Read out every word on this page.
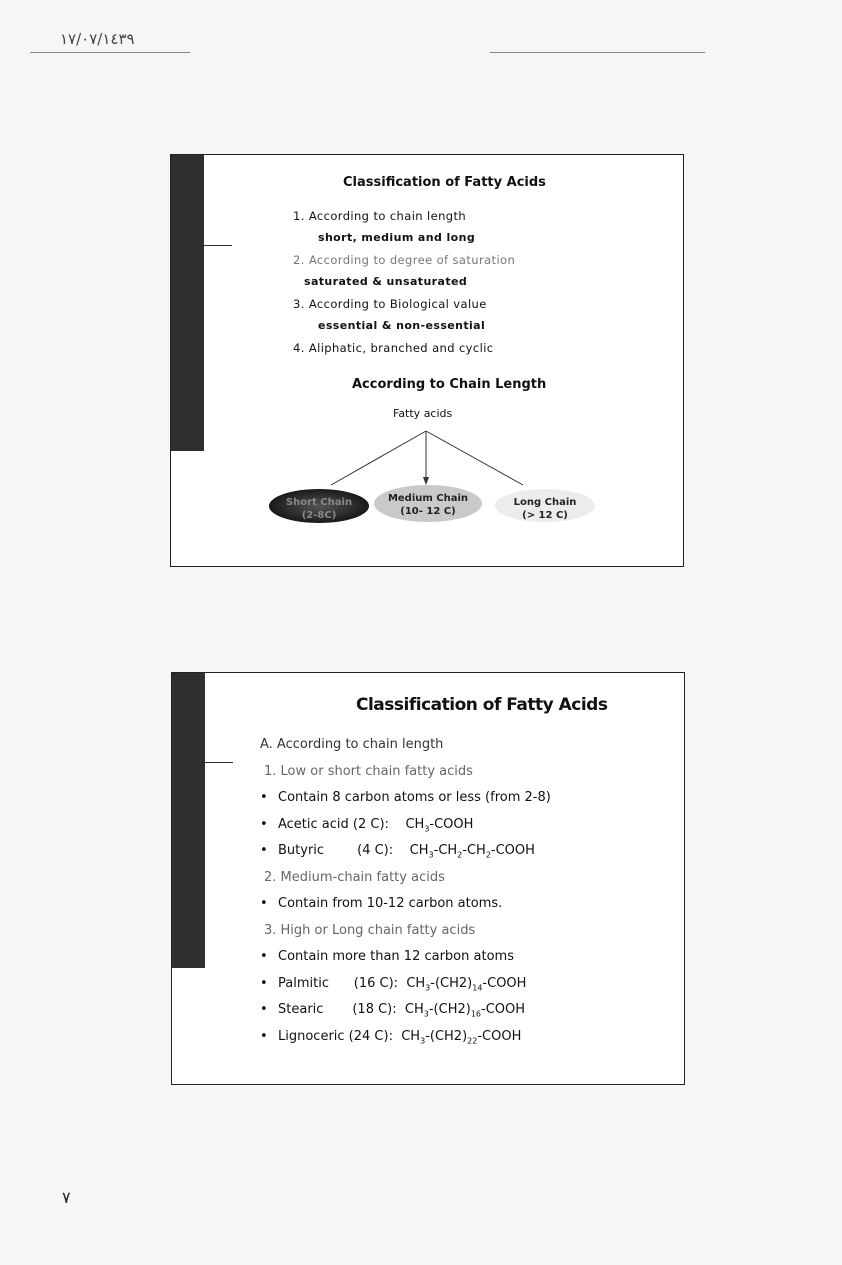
١٧/٠٧/١٤٣٩
Classification of Fatty Acids
1. According to chain length
short, medium and long
2. According to degree of saturation
saturated & unsaturated
3. According to Biological value
essential & non-essential
4. Aliphatic, branched and cyclic
According to Chain Length
Fatty acids
Short Chain
(2-8C)
Medium Chain
(10- 12 C)
Long Chain
(> 12 C)
Classification of Fatty Acids
A. According to chain length
1. Low or short chain fatty acids
• Contain 8 carbon atoms or less (from 2-8)
• Acetic acid (2 C): $CH_3$-COOH
• Butyric	(4 C): $CH_3-CH_2-CH_2$-COOH
2. Medium-chain fatty acids
• Contain from 10-12 carbon atoms.
3. High or Long chain fatty acids
• Contain more than 12 carbon atoms
• Palmitic (16 C): $CH_3-(CH2)_{14}$-COOH
• Stearic (18 C): $CH_3-(CH2)_{16}$-COOH
• Lignoceric (24 C): $CH_3-(CH2)_{22}$-COOH
٧
